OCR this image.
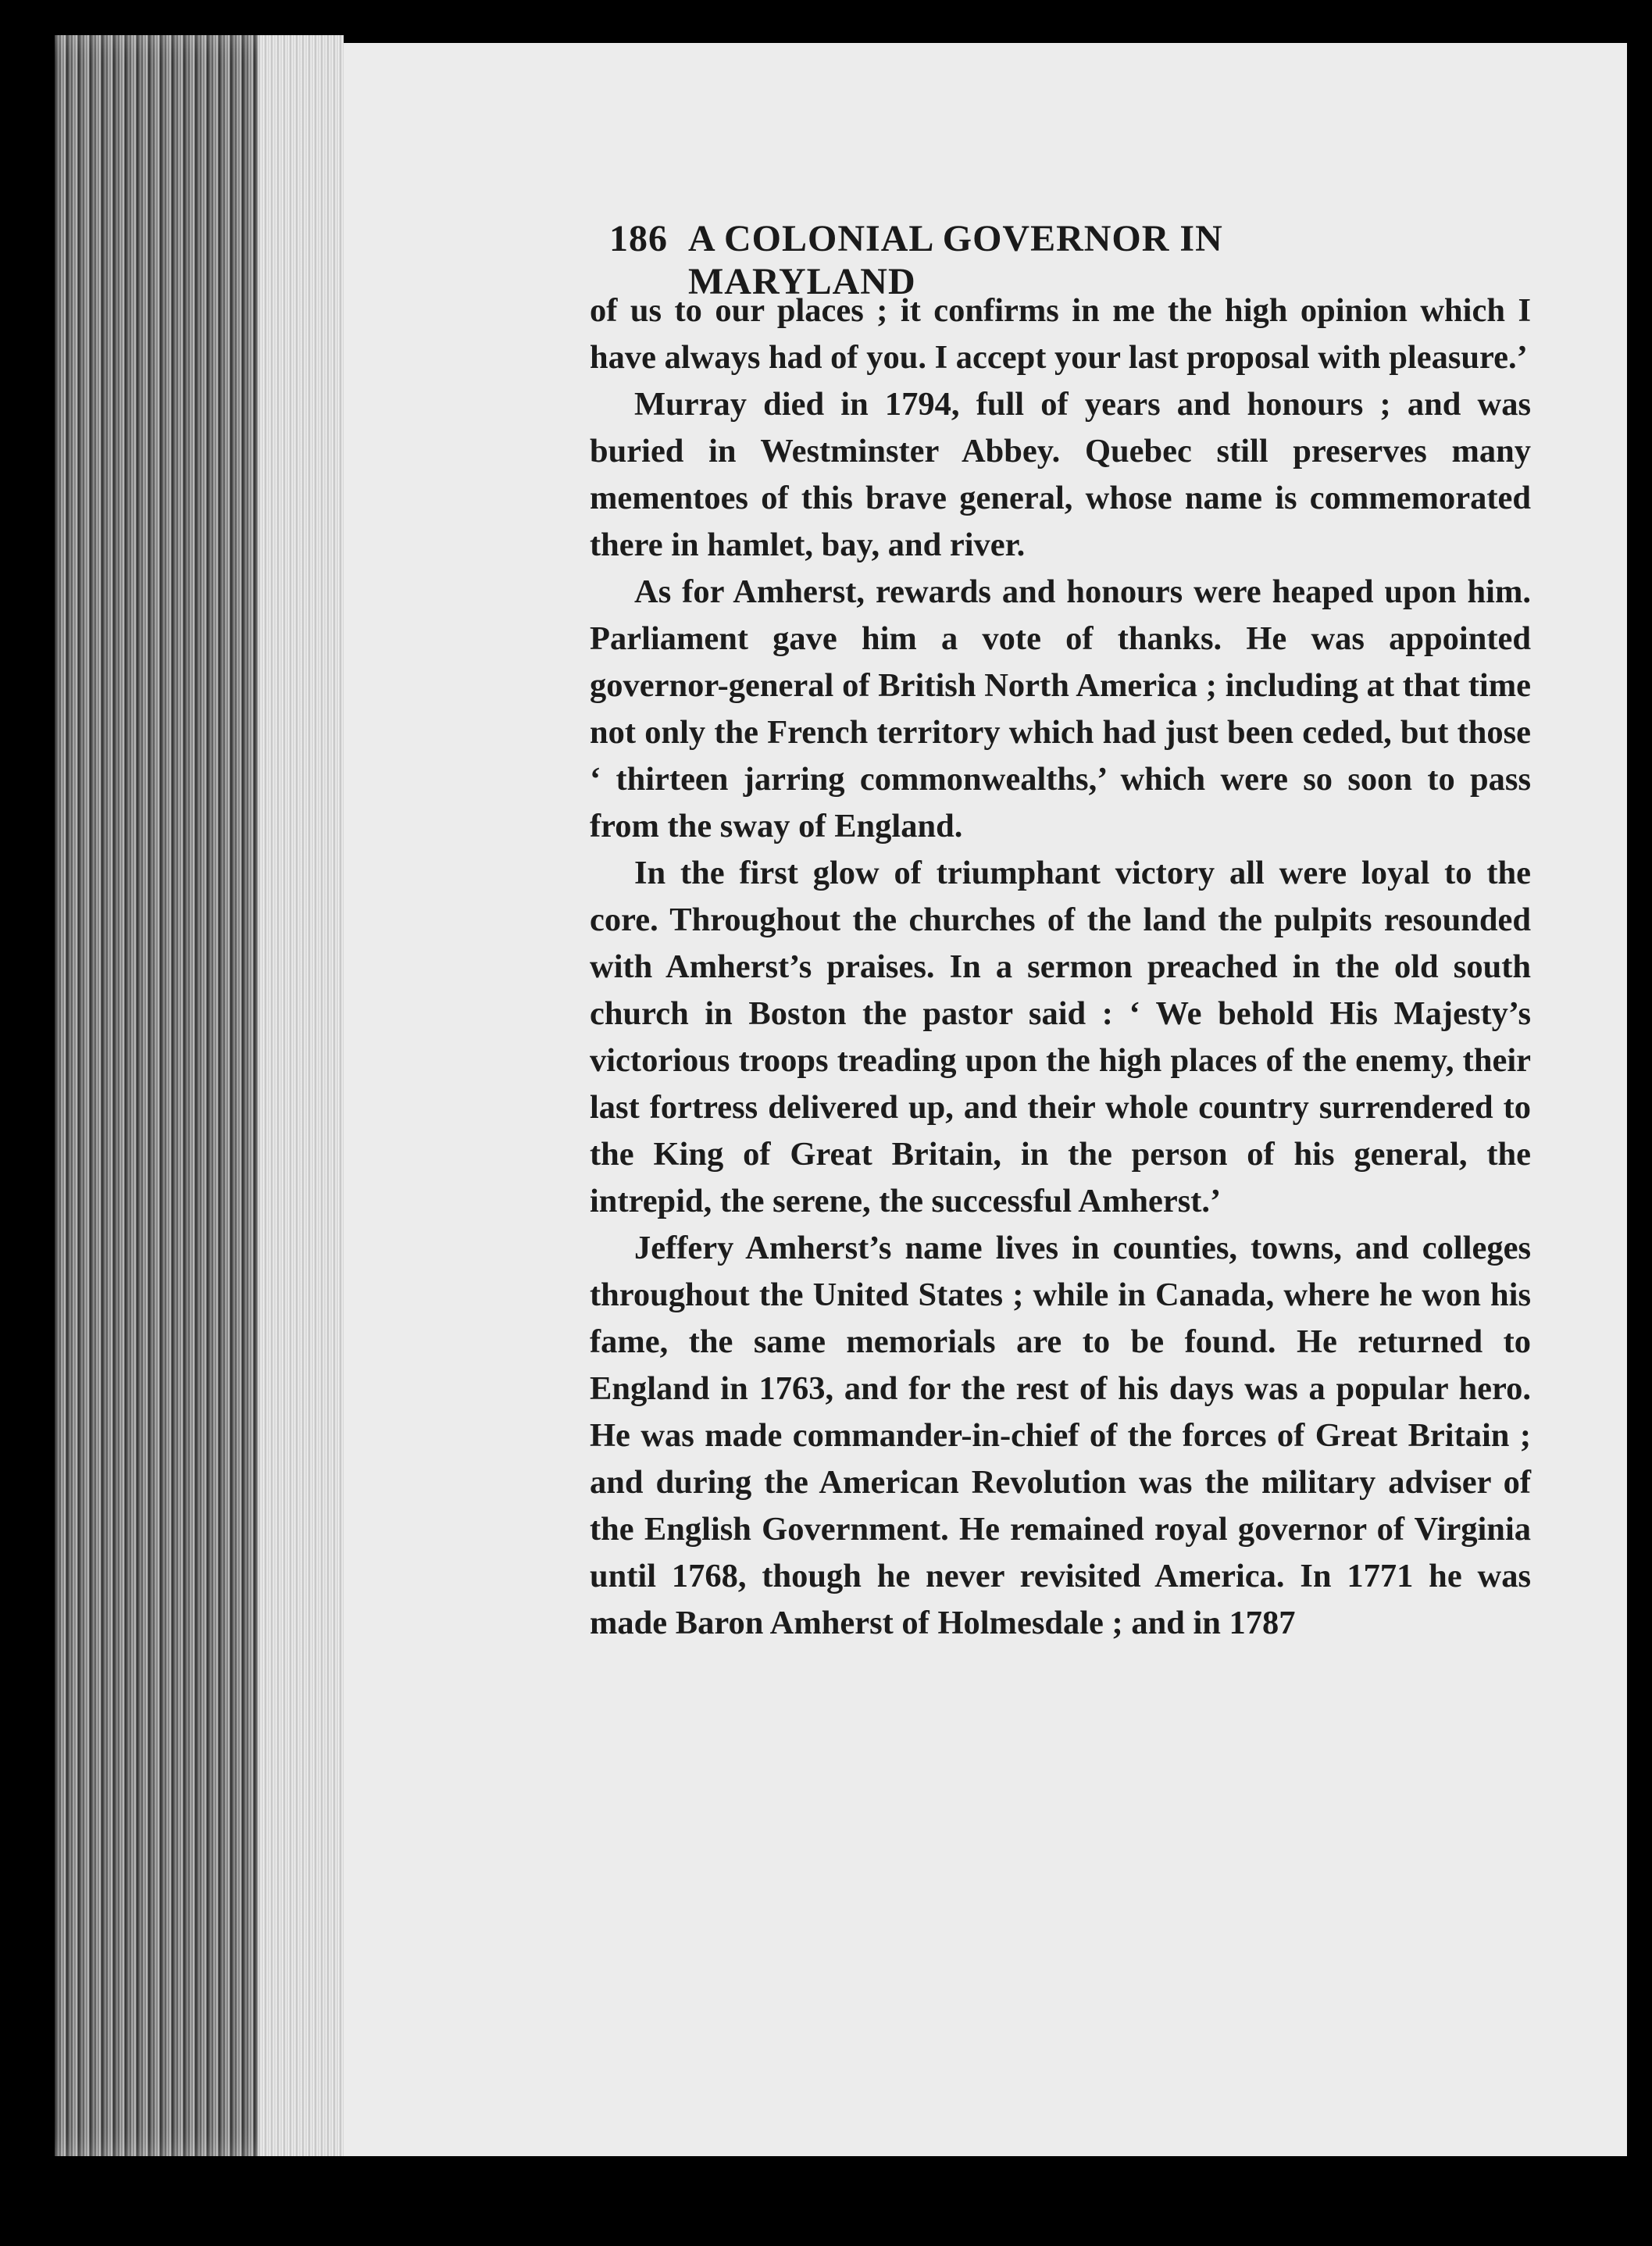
186 A COLONIAL GOVERNOR IN MARYLAND

of us to our places ; it confirms in me the high opinion which I have always had of you. I accept your last proposal with pleasure.’

Murray died in 1794, full of years and honours ; and was buried in Westminster Abbey. Quebec still preserves many mementoes of this brave general, whose name is commemorated there in hamlet, bay, and river.

As for Amherst, rewards and honours were heaped upon him. Parliament gave him a vote of thanks. He was appointed governor-general of British North America ; including at that time not only the French territory which had just been ceded, but those ‘ thirteen jarring commonwealths,’ which were so soon to pass from the sway of England.

In the first glow of triumphant victory all were loyal to the core. Throughout the churches of the land the pulpits resounded with Amherst’s praises. In a sermon preached in the old south church in Boston the pastor said : ‘ We behold His Majesty’s victorious troops treading upon the high places of the enemy, their last fortress delivered up, and their whole country surrendered to the King of Great Britain, in the person of his general, the intrepid, the serene, the successful Amherst.’

Jeffery Amherst’s name lives in counties, towns, and colleges throughout the United States ; while in Canada, where he won his fame, the same memorials are to be found. He returned to England in 1763, and for the rest of his days was a popular hero. He was made commander-in-chief of the forces of Great Britain ; and during the American Revolution was the military adviser of the English Government. He remained royal governor of Virginia until 1768, though he never revisited America. In 1771 he was made Baron Amherst of Holmesdale ; and in 1787
